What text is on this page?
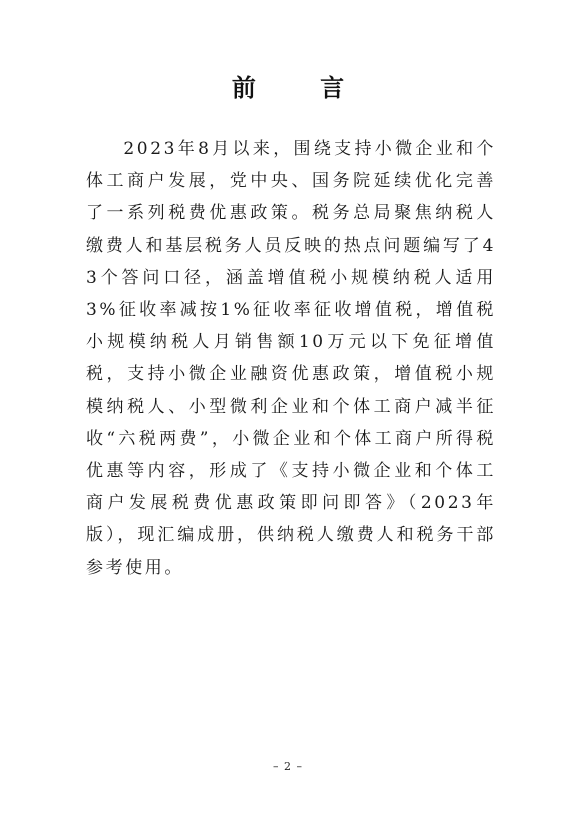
前 言

2023年8月以来，围绕支持小微企业和个体工商户发展，党中央、国务院延续优化完善了一系列税费优惠政策。税务总局聚焦纳税人缴费人和基层税务人员反映的热点问题编写了43个答问口径，涵盖增值税小规模纳税人适用3%征收率减按1%征收率征收增值税，增值税小规模纳税人月销售额10万元以下免征增值税，支持小微企业融资优惠政策，增值税小规模纳税人、小型微利企业和个体工商户减半征收“六税两费”，小微企业和个体工商户所得税优惠等内容，形成了《支持小微企业和个体工商户发展税费优惠政策即问即答》（2023年版），现汇编成册，供纳税人缴费人和税务干部参考使用。

– 2 –
